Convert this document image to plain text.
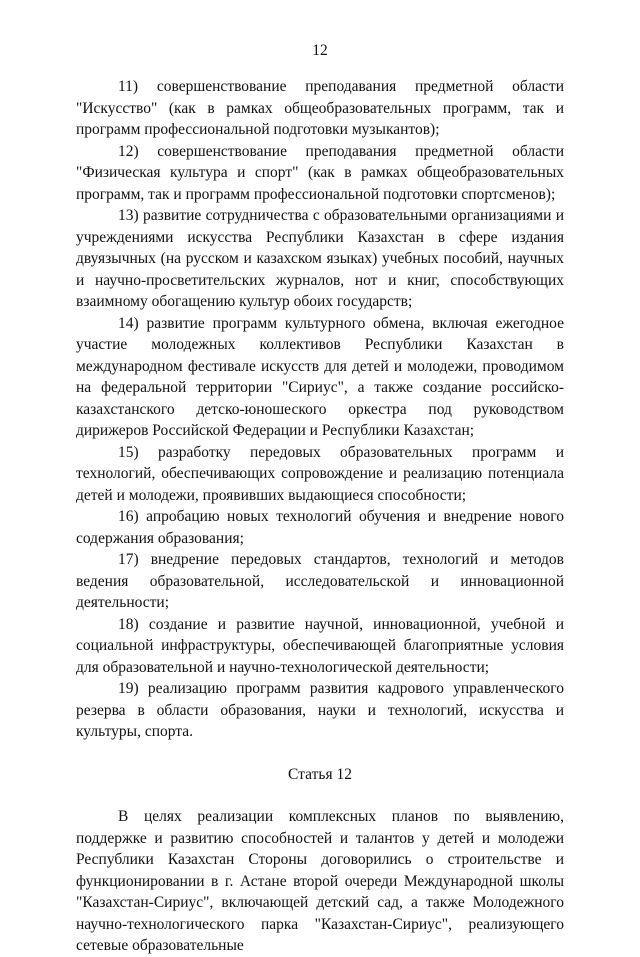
12

11) совершенствование преподавания предметной области "Искусство" (как в рамках общеобразовательных программ, так и программ профессиональной подготовки музыкантов);

12) совершенствование преподавания предметной области "Физическая культура и спорт" (как в рамках общеобразовательных программ, так и программ профессиональной подготовки спортсменов);

13) развитие сотрудничества с образовательными организациями и учреждениями искусства Республики Казахстан в сфере издания двуязычных (на русском и казахском языках) учебных пособий, научных и научно-просветительских журналов, нот и книг, способствующих взаимному обогащению культур обоих государств;

14) развитие программ культурного обмена, включая ежегодное участие молодежных коллективов Республики Казахстан в международном фестивале искусств для детей и молодежи, проводимом на федеральной территории "Сириус", а также создание российско-казахстанского детско-юношеского оркестра под руководством дирижеров Российской Федерации и Республики Казахстан;

15) разработку передовых образовательных программ и технологий, обеспечивающих сопровождение и реализацию потенциала детей и молодежи, проявивших выдающиеся способности;

16) апробацию новых технологий обучения и внедрение нового содержания образования;

17) внедрение передовых стандартов, технологий и методов ведения образовательной, исследовательской и инновационной деятельности;

18) создание и развитие научной, инновационной, учебной и социальной инфраструктуры, обеспечивающей благоприятные условия для образовательной и научно-технологической деятельности;

19) реализацию программ развития кадрового управленческого резерва в области образования, науки и технологий, искусства и культуры, спорта.

Статья 12

В целях реализации комплексных планов по выявлению, поддержке и развитию способностей и талантов у детей и молодежи Республики Казахстан Стороны договорились о строительстве и функционировании в г. Астане второй очереди Международной школы "Казахстан-Сириус", включающей детский сад, а также Молодежного научно-технологического парка "Казахстан-Сириус", реализующего сетевые образовательные
